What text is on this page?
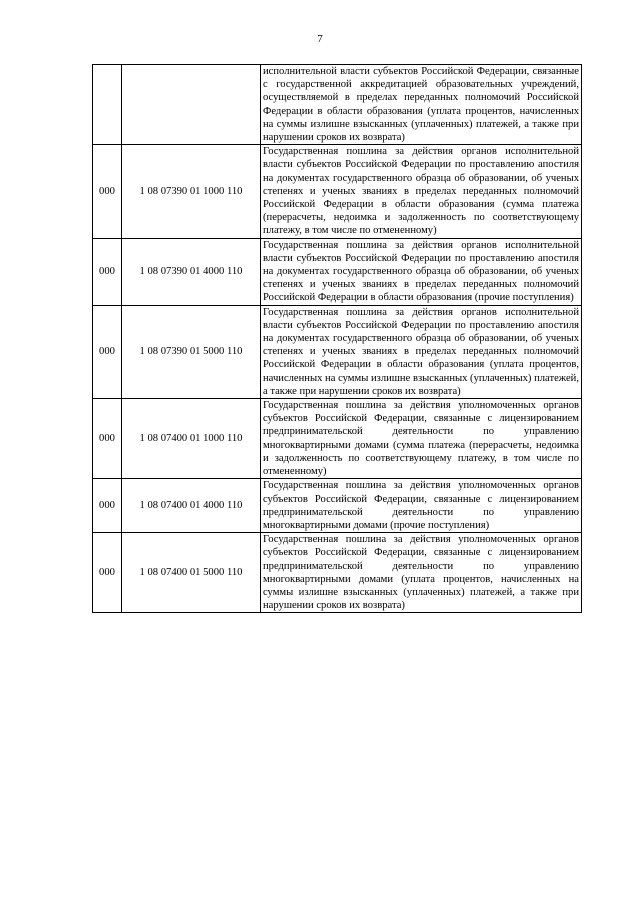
7
		исполнительной власти субъектов Российской Федерации, связанные с государственной аккредитацией образовательных учреждений, осуществляемой в пределах переданных полномочий Российской Федерации в области образования (уплата процентов, начисленных на суммы излишне взысканных (уплаченных) платежей, а также при нарушении сроков их возврата)
000	1 08 07390 01 1000 110	Государственная пошлина за действия органов исполнительной власти субъектов Российской Федерации по проставлению апостиля на документах государственного образца об образовании, об ученых степенях и ученых званиях в пределах переданных полномочий Российской Федерации в области образования (сумма платежа (перерасчеты, недоимка и задолженность по соответствующему платежу, в том числе по отмененному)
000	1 08 07390 01 4000 110	Государственная пошлина за действия органов исполнительной власти субъектов Российской Федерации по проставлению апостиля на документах государственного образца об образовании, об ученых степенях и ученых званиях в пределах переданных полномочий Российской Федерации в области образования (прочие поступления)
000	1 08 07390 01 5000 110	Государственная пошлина за действия органов исполнительной власти субъектов Российской Федерации по проставлению апостиля на документах государственного образца об образовании, об ученых степенях и ученых званиях в пределах переданных полномочий Российской Федерации в области образования (уплата процентов, начисленных на суммы излишне взысканных (уплаченных) платежей, а также при нарушении сроков их возврата)
000	1 08 07400 01 1000 110	Государственная пошлина за действия уполномоченных органов субъектов Российской Федерации, связанные с лицензированием предпринимательской деятельности по управлению многоквартирными домами (сумма платежа (перерасчеты, недоимка и задолженность по соответствующему платежу, в том числе по отмененному)
000	1 08 07400 01 4000 110	Государственная пошлина за действия уполномоченных органов субъектов Российской Федерации, связанные с лицензированием предпринимательской деятельности по управлению многоквартирными домами (прочие поступления)
000	1 08 07400 01 5000 110	Государственная пошлина за действия уполномоченных органов субъектов Российской Федерации, связанные с лицензированием предпринимательской деятельности по управлению многоквартирными домами (уплата процентов, начисленных на суммы излишне взысканных (уплаченных) платежей, а также при нарушении сроков их возврата)
